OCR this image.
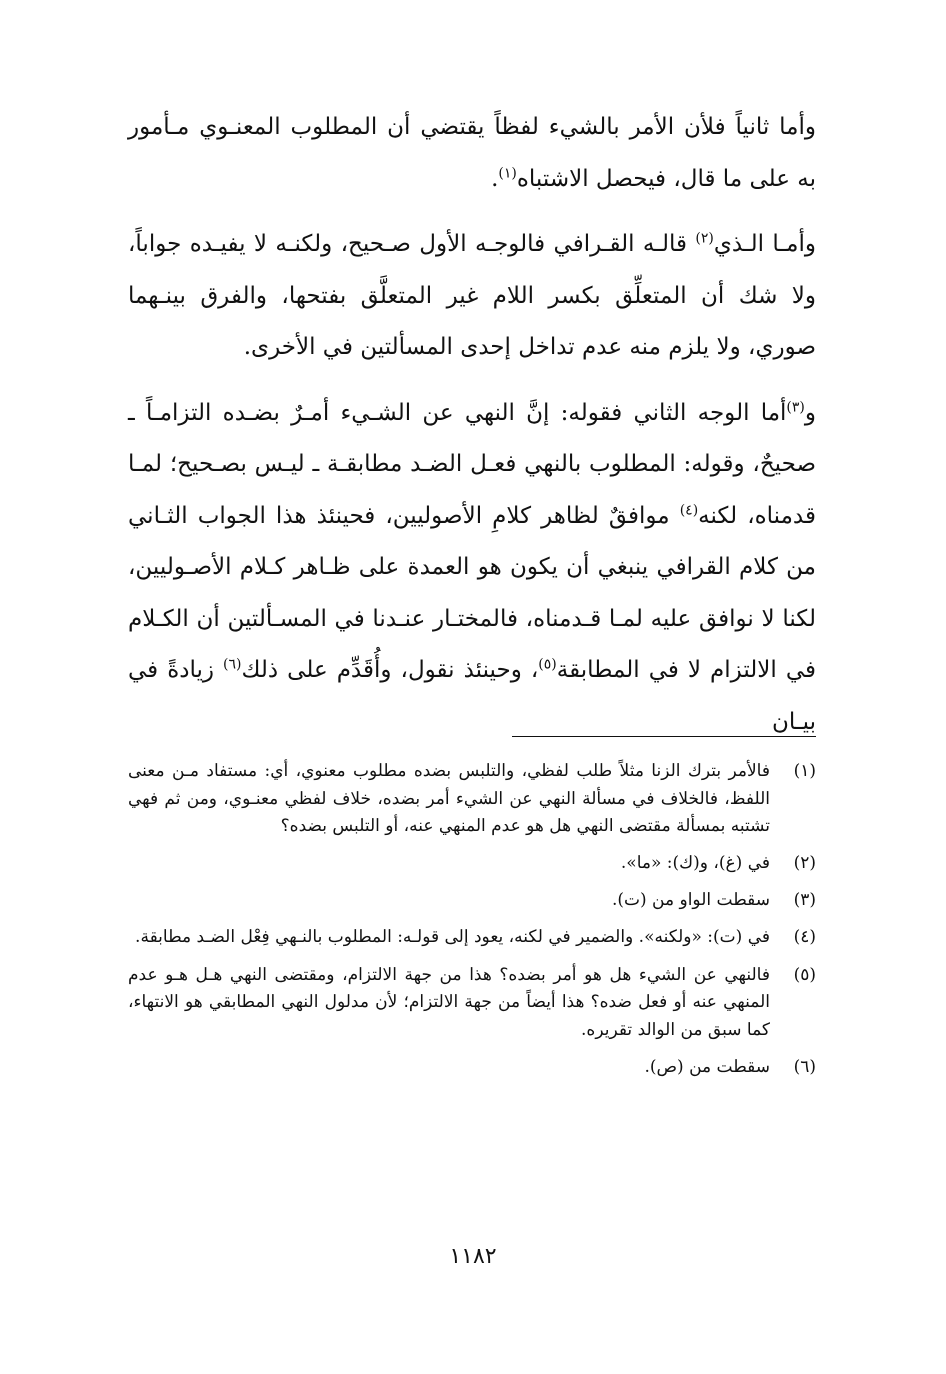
وأما ثانياً فلأن الأمر بالشيء لفظاً يقتضي أن المطلوب المعنـوي مـأمور به على ما قال، فيحصل الاشتباه$^{(١)}$.

وأمـا الـذي$^{(٢)}$ قالـه القـرافي فالوجـه الأول صـحيح، ولكنـه لا يفيـده جواباً، ولا شك أن المتعلِّق بكسر اللام غير المتعلَّق بفتحها، والفرق بينـهما صوري، ولا يلزم منه عدم تداخل إحدى المسألتين في الأخرى.

و$^{(٣)}$أما الوجه الثاني فقوله: إنَّ النهي عن الشـيء أمـرٌ بضـده التزامـاً ـ صحيحٌ، وقوله: المطلوب بالنهي فعـل الضـد مطابقـة ـ ليـس بصـحيح؛ لمـا قدمناه، لكنه$^{(٤)}$ موافقٌ لظاهر كلامِ الأصوليين، فحينئذ هذا الجواب الثـاني من كلام القرافي ينبغي أن يكون هو العمدة على ظـاهر كـلام الأصـوليين، لكنا لا نوافق عليه لمـا قـدمناه، فالمختـار عنـدنا في المسـألتين أن الكـلام في الالتزام لا في المطابقة$^{(٥)}$، وحينئذ نقول، وأُقَدِّم على ذلك$^{(٦)}$ زيادةً في بيـان

(١)
فالأمر بترك الزنا مثلاً طلب لفظي، والتلبس بضده مطلوب معنوي، أي: مستفاد مـن معنى اللفظ، فالخلاف في مسألة النهي عن الشيء أمر بضده، خلاف لفظي معنـوي، ومن ثم فهي تشتبه بمسألة مقتضى النهي هل هو عدم المنهي عنه، أو التلبس بضده؟
(٢)
في (غ)، و(ك): «ما».
(٣)
سقطت الواو من (ت).
(٤)
في (ت): «ولكنه». والضمير في لكنه، يعود إلى قولـه: المطلوب بالنـهي فِعْل الضـد مطابقة.
(٥)
فالنهي عن الشيء هل هو أمر بضده؟ هذا من جهة الالتزام، ومقتضى النهي هـل هـو عدم المنهي عنه أو فعل ضده؟ هذا أيضاً من جهة الالتزام؛ لأن مدلول النهي المطابقي هو الانتهاء، كما سبق من الوالد تقريره.
(٦)
سقطت من (ص).
١١٨٢
